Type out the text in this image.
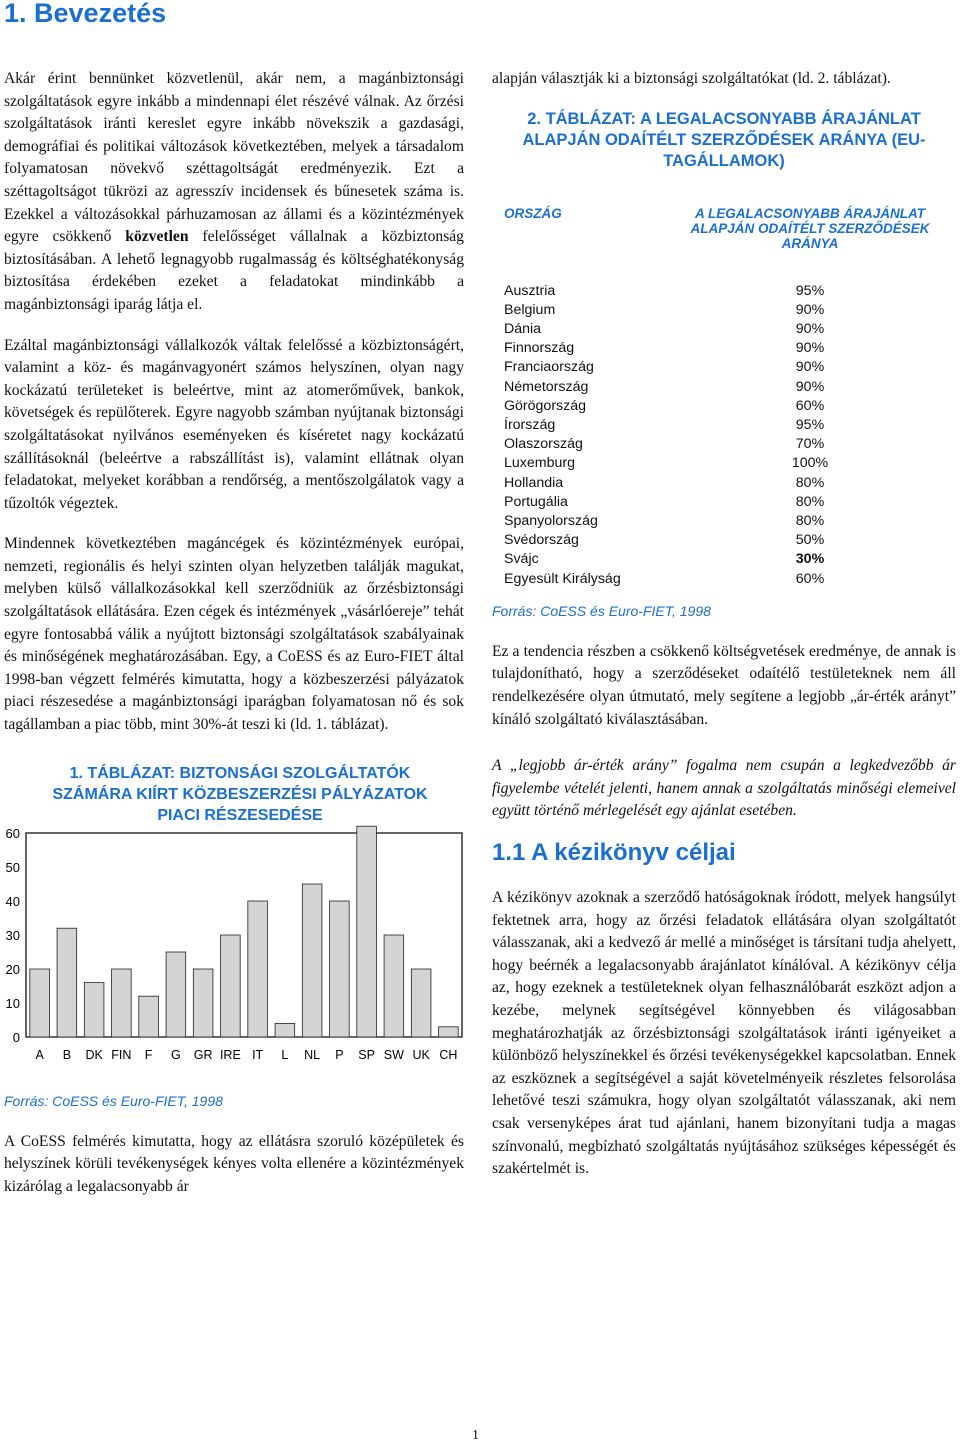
1. Bevezetés

Akár érint bennünket közvetlenül, akár nem, a magánbiztonsági szolgáltatások egyre inkább a mindennapi élet részévé válnak. Az őrzési szolgáltatások iránti kereslet egyre inkább növekszik a gazdasági, demográfiai és politikai változások következtében, melyek a társadalom folyamatosan növekvő széttagoltságát eredményezik. Ezt a széttagoltságot tükrözi az agresszív incidensek és bűnesetek száma is. Ezekkel a változásokkal párhuzamosan az állami és a közintézmények egyre csökkenő közvetlen felelősséget vállalnak a közbiztonság biztosításában. A lehető legnagyobb rugalmasság és költséghatékonyság biztosítása érdekében ezeket a feladatokat mindinkább a magánbiztonsági iparág látja el.

Ezáltal magánbiztonsági vállalkozók váltak felelőssé a közbiztonságért, valamint a köz- és magánvagyonért számos helyszínen, olyan nagy kockázatú területeket is beleértve, mint az atomerőművek, bankok, követségek és repülőterek. Egyre nagyobb számban nyújtanak biztonsági szolgáltatásokat nyilvános eseményeken és kíséretet nagy kockázatú szállításoknál (beleértve a rabszállítást is), valamint ellátnak olyan feladatokat, melyeket korábban a rendőrség, a mentőszolgálatok vagy a tűzoltók végeztek.

Mindennek következtében magáncégek és közintézmények európai, nemzeti, regionális és helyi szinten olyan helyzetben találják magukat, melyben külső vállalkozásokkal kell szerződniük az őrzésbiztonsági szolgáltatások ellátására. Ezen cégek és intézmények „vásárlóereje” tehát egyre fontosabbá válik a nyújtott biztonsági szolgáltatások szabályainak és minőségének meghatározásában. Egy, a CoESS és az Euro-FIET által 1998-ban végzett felmérés kimutatta, hogy a közbeszerzési pályázatok piaci részesedése a magánbiztonsági iparágban folyamatosan nő és sok tagállamban a piac több, mint 30%-át teszi ki (ld. 1. táblázat).

1. TÁBLÁZAT: BIZTONSÁGI SZOLGÁLTATÓK SZÁMÁRA KIÍRT KÖZBESZERZÉSI PÁLYÁZATOK PIACI RÉSZESEDÉSE
0
10
20
30
40
50
60
A B DK FIN F G GR IRE IT L NL P SP SW UK CH
Forrás: CoESS és Euro-FIET, 1998

A CoESS felmérés kimutatta, hogy az ellátásra szoruló középületek és helyszínek körüli tevékenységek kényes volta ellenére a közintézmények kizárólag a legalacsonyabb ár

alapján választják ki a biztonsági szolgáltatókat (ld. 2. táblázat).

2. TÁBLÁZAT: A LEGALACSONYABB ÁRAJÁNLAT ALAPJÁN ODAÍTÉLT SZERZŐDÉSEK ARÁNYA (EU-TAGÁLLAMOK)
ORSZÁG	A LEGALACSONYABB ÁRAJÁNLAT ALAPJÁN ODAÍTÉLT SZERZŐDÉSEK ARÁNYA
Ausztria	95%
Belgium	90%
Dánia	90%
Finnország	90%
Franciaország	90%
Németország	90%
Görögország	60%
Írország	95%
Olaszország	70%
Luxemburg	100%
Hollandia	80%
Portugália	80%
Spanyolország	80%
Svédország	50%
Svájc	30%
Egyesült Királyság	60%
Forrás: CoESS és Euro-FIET, 1998

Ez a tendencia részben a csökkenő költségvetések eredménye, de annak is tulajdonítható, hogy a szerződéseket odaítélő testületeknek nem áll rendelkezésére olyan útmutató, mely segítene a legjobb „ár-érték arányt” kínáló szolgáltató kiválasztásában.

A „legjobb ár-érték arány” fogalma nem csupán a legkedvezőbb ár figyelembe vételét jelenti, hanem annak a szolgáltatás minőségi elemeivel együtt történő mérlegelését egy ajánlat esetében.

1.1 A kézikönyv céljai

A kézikönyv azoknak a szerződő hatóságoknak íródott, melyek hangsúlyt fektetnek arra, hogy az őrzési feladatok ellátására olyan szolgáltatót válasszanak, aki a kedvező ár mellé a minőséget is társítani tudja ahelyett, hogy beérnék a legalacsonyabb árajánlatot kínálóval. A kézikönyv célja az, hogy ezeknek a testületeknek olyan felhasználóbarát eszközt adjon a kezébe, melynek segítségével könnyebben és világosabban meghatározhatják az őrzésbiztonsági szolgáltatások iránti igényeiket a különböző helyszínekkel és őrzési tevékenységekkel kapcsolatban. Ennek az eszköznek a segítségével a saját követelményeik részletes felsorolása lehetővé teszi számukra, hogy olyan szolgáltatót válasszanak, aki nem csak versenyképes árat tud ajánlani, hanem bizonyítani tudja a magas színvonalú, megbízható szolgáltatás nyújtásához szükséges képességét és szakértelmét is.

1
